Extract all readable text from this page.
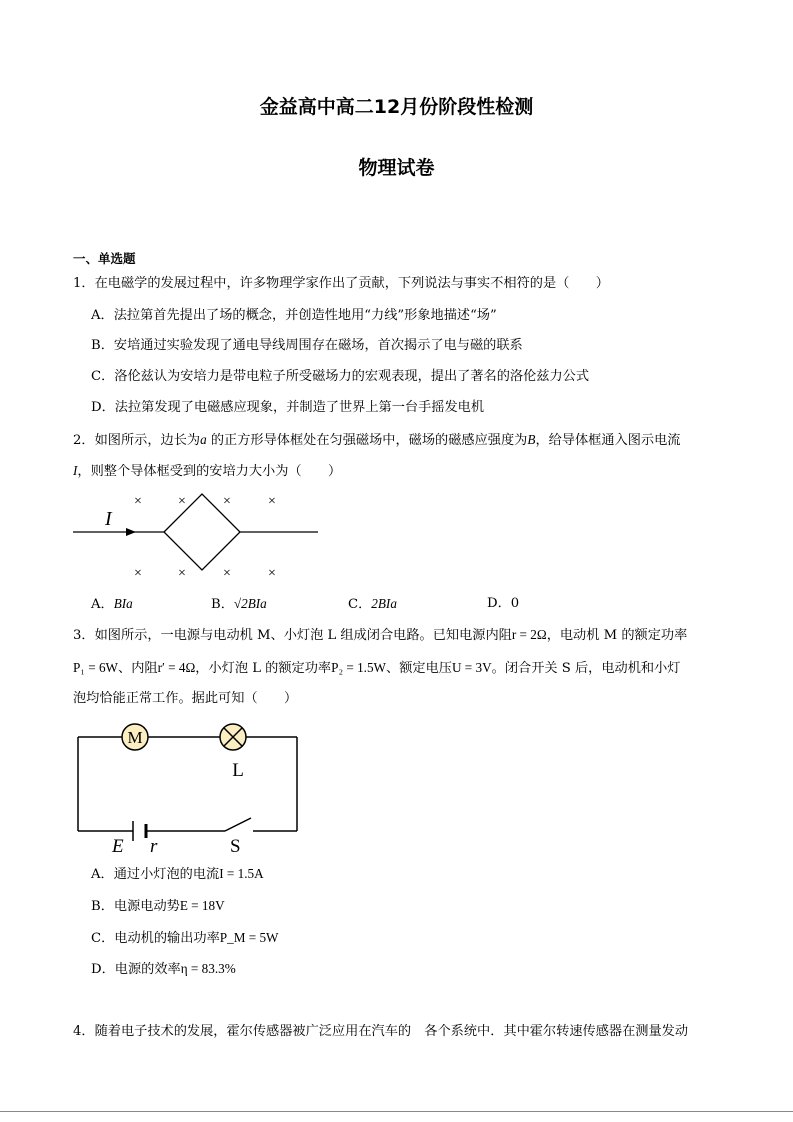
金益高中高二12月份阶段性检测
物理试卷
一、单选题
1．在电磁学的发展过程中，许多物理学家作出了贡献，下列说法与事实不相符的是（　　）
A．法拉第首先提出了场的概念，并创造性地用“力线”形象地描述“场”
B．安培通过实验发现了通电导线周围存在磁场，首次揭示了电与磁的联系
C．洛伦兹认为安培力是带电粒子所受磁场力的宏观表现，提出了著名的洛伦兹力公式
D．法拉第发现了电磁感应现象，并制造了世界上第一台手摇发电机
2．如图所示，边长为a 的正方形导体框处在匀强磁场中，磁场的磁感应强度为B，给导体框通入图示电流
I，则整个导体框受到的安培力大小为（　　）
×	×	×	×
×	×	×	×
I
A．BIa	B．√2BIa	C．2BIa	D．0
3．如图所示，一电源与电动机 M、小灯泡 L 组成闭合电路。已知电源内阻r = 2Ω，电动机 M 的额定功率
P₁ = 6W、内阻r′ = 4Ω，小灯泡 L 的额定功率P₂ = 1.5W、额定电压U = 3V。闭合开关 S 后，电动机和小灯
泡均恰能正常工作。据此可知（　　）
M
L
E r	S
A．通过小灯泡的电流I = 1.5A
B．电源电动势E = 18V
C．电动机的输出功率P_M = 5W
D．电源的效率η = 83.3%
4．随着电子技术的发展，霍尔传感器被广泛应用在汽车的　各个系统中．其中霍尔转速传感器在测量发动
